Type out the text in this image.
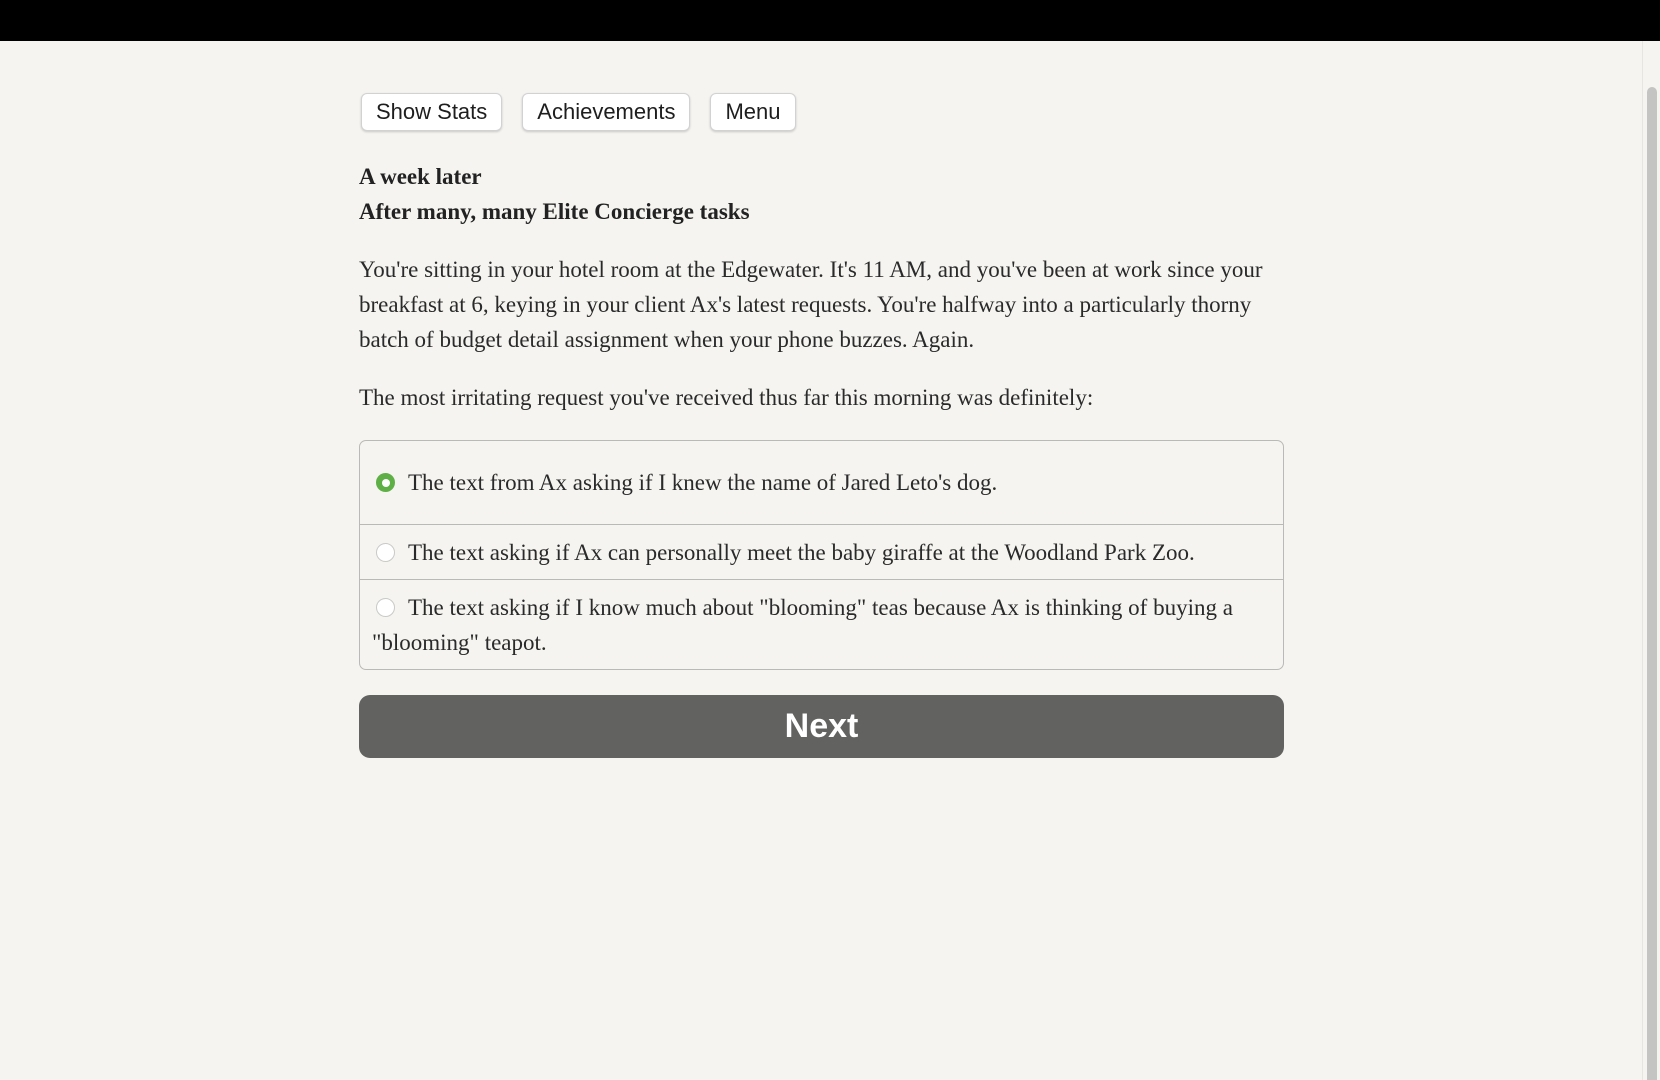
Show Stats	Achievements	Menu
A week later
After many, many Elite Concierge tasks

You're sitting in your hotel room at the Edgewater. It's 11 AM, and you've been at work since your breakfast at 6, keying in your client Ax's latest requests. You're halfway into a particularly thorny batch of budget detail assignment when your phone buzzes. Again.

The most irritating request you've received thus far this morning was definitely:

The text from Ax asking if I knew the name of Jared Leto's dog.
The text asking if Ax can personally meet the baby giraffe at the Woodland Park Zoo.
The text asking if I know much about "blooming" teas because Ax is thinking of buying a "blooming" teapot.
Next
